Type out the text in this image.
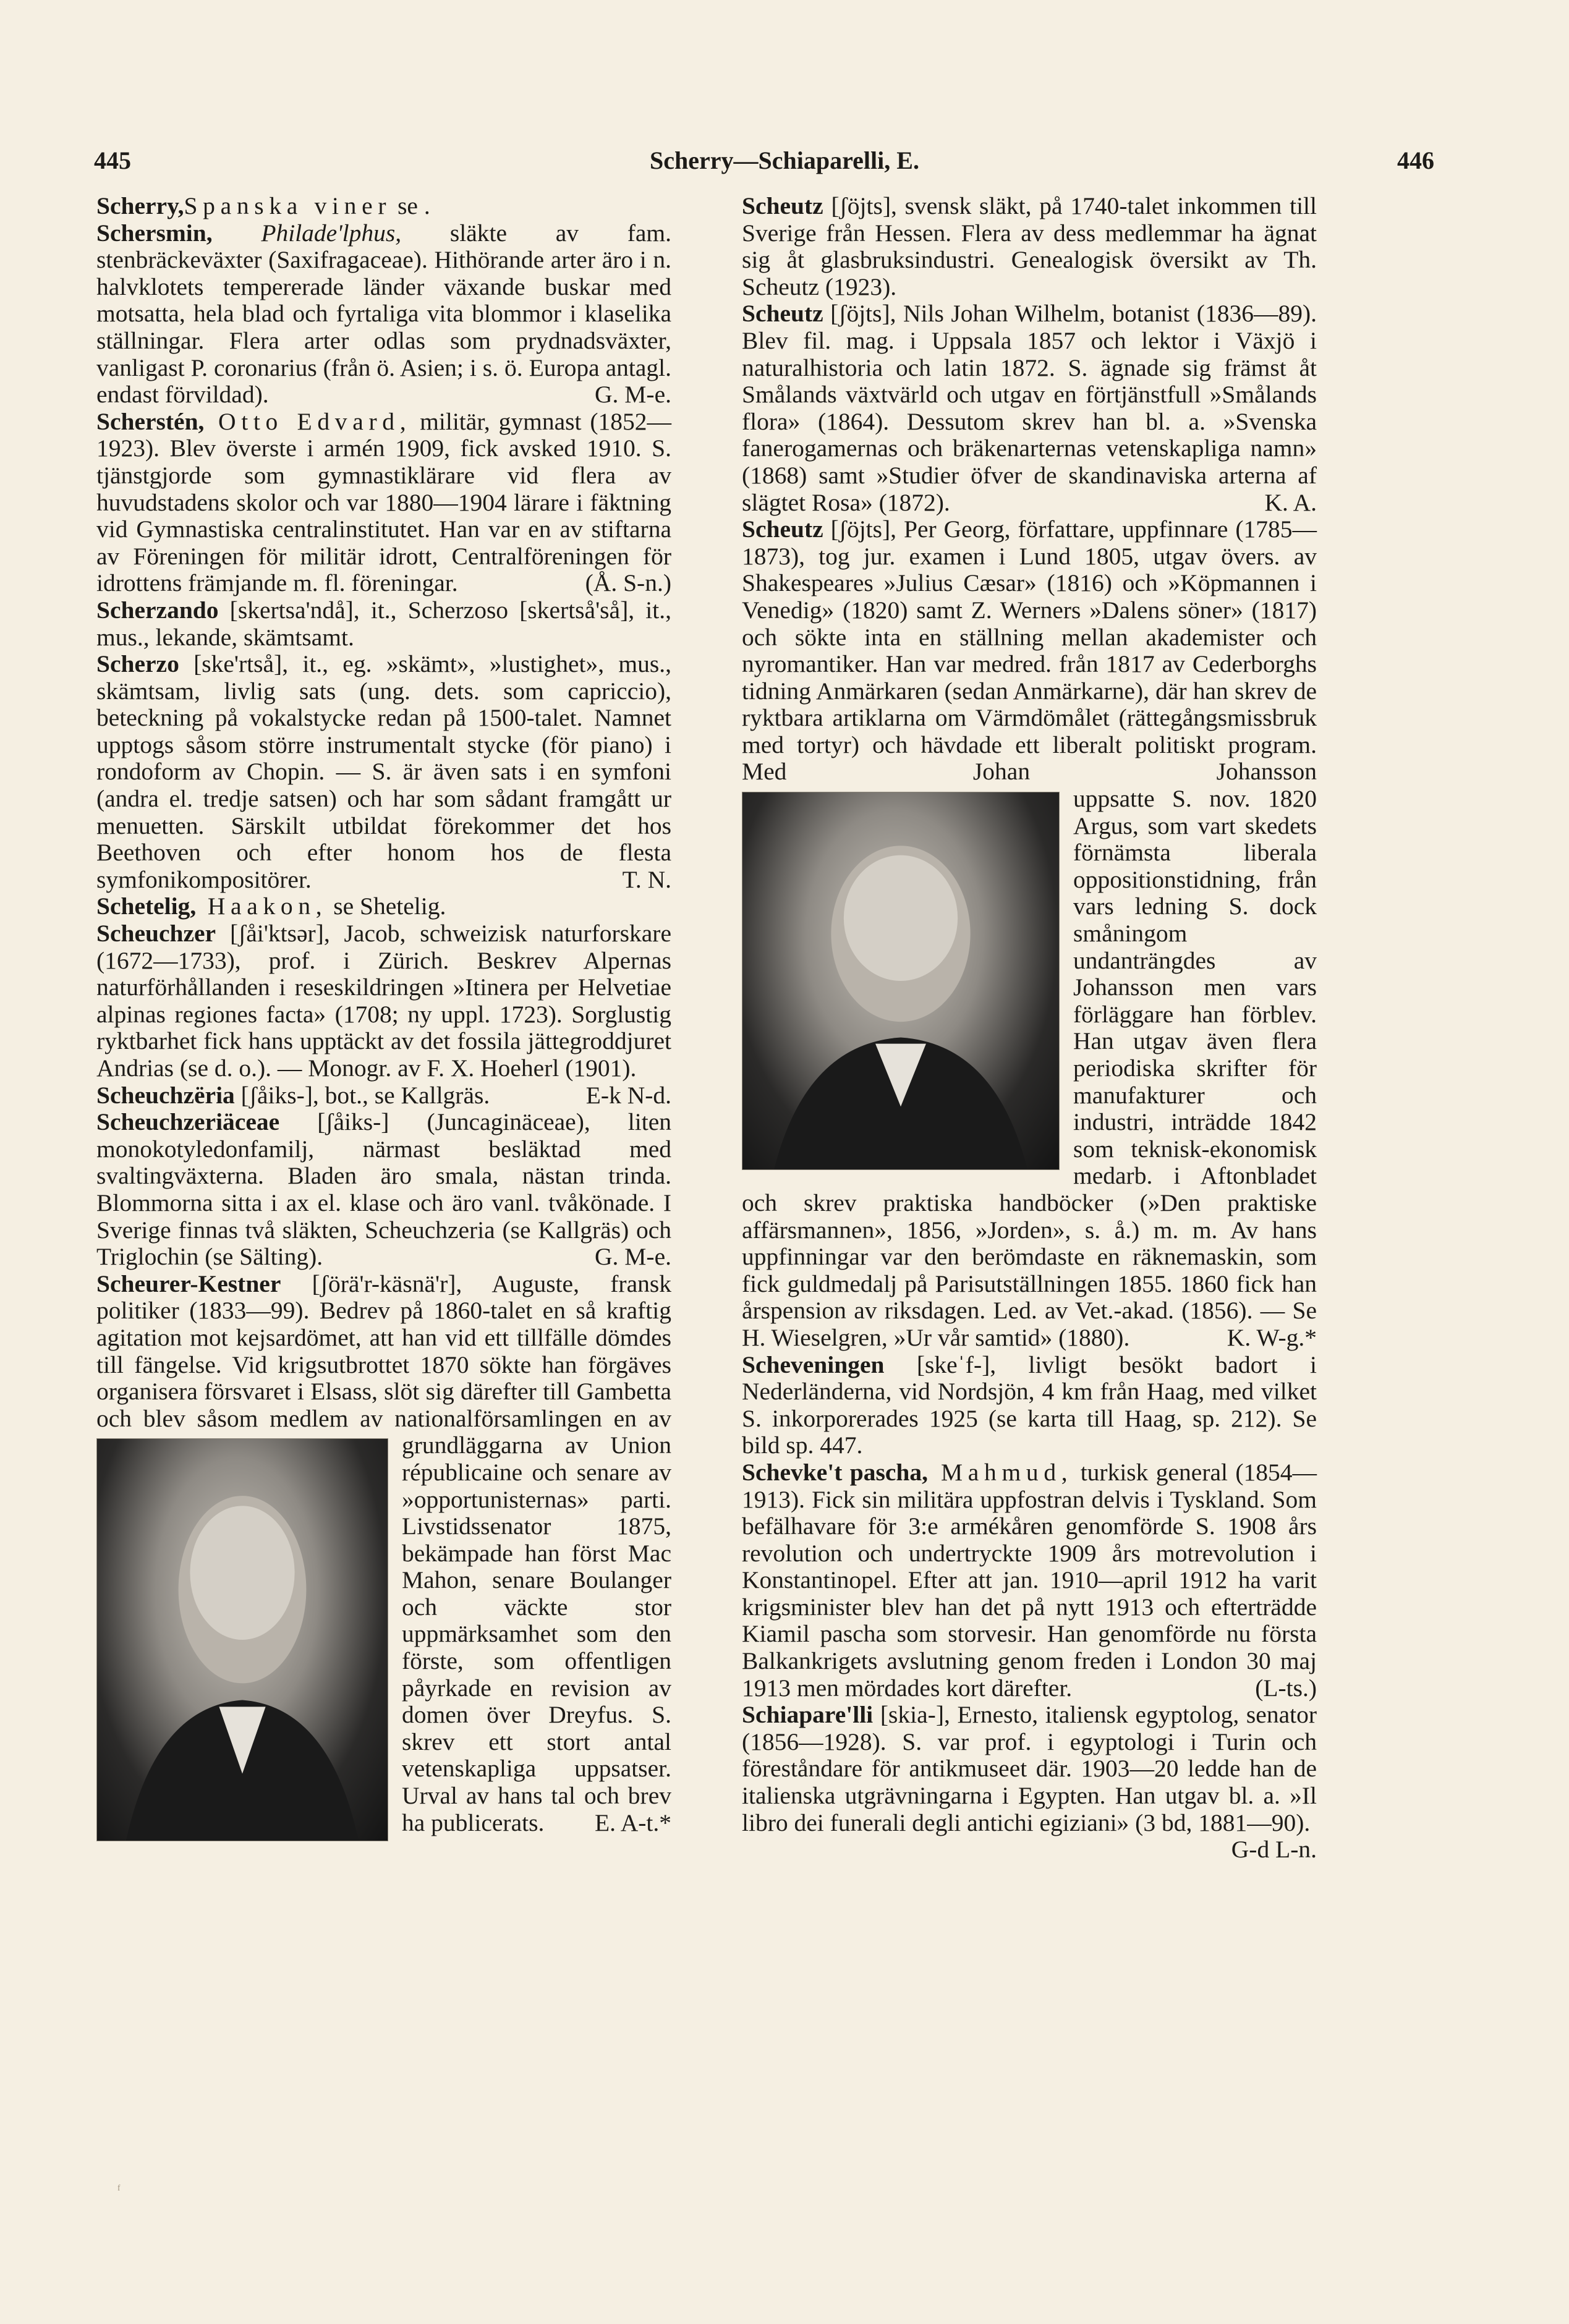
445	Scherry—Schiaparelli, E.	446

Scherry,Spanska viner se .

Schersmin, Philade'lphus, släkte av fam. stenbräckeväxter (Saxifragaceae). Hithörande arter äro i n. halvklotets tempererade länder växande buskar med motsatta, hela blad och fyrtaliga vita blommor i klaselika ställningar. Flera arter odlas som prydnadsväxter, vanligast P. coronarius (från ö. Asien; i s. ö. Europa antagl. endast förvildad).	G. M-e.

Scherstén, Otto Edvard, militär, gymnast (1852—1923). Blev överste i armén 1909, fick avsked 1910. S. tjänstgjorde som gymnastiklärare vid flera av huvudstadens skolor och var 1880—1904 lärare i fäktning vid Gymnastiska centralinstitutet. Han var en av stiftarna av Föreningen för militär idrott, Centralföreningen för idrottens främjande m. fl. föreningar.	(Å. S-n.)

Scherzando [skertsa'ndå], it., Scherzoso [skertså'så], it., mus., lekande, skämtsamt.

Scherzo [ske'rtså], it., eg. »skämt», »lustighet», mus., skämtsam, livlig sats (ung. dets. som capriccio), beteckning på vokalstycke redan på 1500-talet. Namnet upptogs såsom större instrumentalt stycke (för piano) i rondoform av Chopin. — S. är även sats i en symfoni (andra el. tredje satsen) och har som sådant framgått ur menuetten. Särskilt utbildat förekommer det hos Beethoven och efter honom hos de flesta symfonikompositörer.	T. N.

Schetelig, Haakon, se Shetelig.

Scheuchzer [ʃåi'ktsər], Jacob, schweizisk naturforskare (1672—1733), prof. i Zürich. Beskrev Alpernas naturförhållanden i reseskildringen »Itinera per Helvetiae alpinas regiones facta» (1708; ny uppl. 1723). Sorglustig ryktbarhet fick hans upptäckt av det fossila jättegroddjuret Andrias (se d. o.). — Monogr. av F. X. Hoeherl (1901).
E-k N-d.

Scheuchzëria [ʃåiks-], bot., se Kallgräs.

Scheuchzeriäceae [ʃåiks-] (Juncaginäceae), liten monokotyledonfamilj, närmast besläktad med svaltingväxterna. Bladen äro smala, nästan trinda. Blommorna sitta i ax el. klase och äro vanl. tvåkönade. I Sverige finnas två släkten, Scheuchzeria (se Kallgräs) och Triglochin (se Sälting).	G. M-e.

Scheurer-Kestner [ʃörä'r-käsnä'r], Auguste, fransk politiker (1833—99). Bedrev på 1860-talet en så kraftig agitation mot kejsardömet, att han vid ett tillfälle dömdes till fängelse. Vid krigsutbrottet 1870 sökte han förgäves organisera försvaret i Elsass, slöt sig därefter till Gambetta och blev såsom medlem av nat
ionalförsamlingen en av grundläggarna av Union républicaine och senare av »opportunisternas» parti. Livstidssenator 1875, bekämpade han först Mac Mahon, senare Boulanger och väckte stor uppmärksamhet som den förste, som offentligen påyrkade en revision av domen över Dreyfus. S. skrev ett stort antal vetenskapliga uppsatser. Urval av hans tal och brev ha publicerats. E. A-t.*

Scheutz [ʃöjts], svensk släkt, på 1740-talet inkommen till Sverige från Hessen. Flera av dess medlemmar ha ägnat sig åt glasbruksindustri. Genealogisk översikt av Th. Scheutz (1923).

Scheutz [ʃöjts], Nils Johan Wilhelm, botanist (1836—89). Blev fil. mag. i Uppsala 1857 och lektor i Växjö i naturalhistoria och latin 1872. S. ägnade sig främst åt Smålands växtvärld och utgav en förtjänstfull »Smålands flora» (1864). Dessutom skrev han bl. a. »Svenska fanerogamernas och bräkenarternas vetenskapliga namn» (1868) samt »Studier öfver de skandinaviska arterna af slägtet Rosa» (1872).	K. A.

Scheutz [ʃöjts], Per Georg, författare, uppfinnare (1785—1873), tog jur. examen i Lund 1805, utgav övers. av Shakespeares »Julius Cæsar» (1816) och »Köpmannen i Venedig» (1820) samt Z. Werners »Dalens söner» (1817) och sökte inta en ställning mellan akademister och nyromantiker. Han var medred. från 1817 av Cederborghs tidning Anmärkaren (sedan Anmärkarne), där han skrev de ryktbara artiklarna om Värmdömålet (rättegångsmissbruk med tortyr) och hävdade ett liberalt politiskt program. Med Johan Johansson u
ppsatte S. nov. 1820 Argus, som vart skedets förnämsta liberala oppositionstidning, från vars ledning S. dock småningom undanträngdes av Johansson men vars förläggare han förblev. Han utgav även flera periodiska skrifter för manufakturer och industri, inträdde 1842 som teknisk-ekonomisk medarb. i Aftonbladet och skrev praktiska handböcker (»Den praktiske affärsmannen», 1856, »Jorden», s. å.) m. m. Av hans uppfinningar var den berömdaste en räknemaskin, som fick guldmedalj på Parisutställningen 1855. 1860 fick han årspension av riksdagen. Led. av Vet.-akad. (1856). — Se H. Wieselgren, »Ur vår samtid» (1880).	K. W-g.*

Scheveningen [skeˈf-], livligt besökt badort i Nederländerna, vid Nordsjön, 4 km från Haag, med vilket S. inkorporerades 1925 (se karta till Haag, sp. 212). Se bild sp. 447.

Schevke't pascha, Mahmud, turkisk general (1854—1913). Fick sin militära uppfostran delvis i Tyskland. Som befälhavare för 3:e armékåren genomförde S. 1908 års revolution och undertryckte 1909 års motrevolution i Konstantinopel. Efter att jan. 1910—april 1912 ha varit krigsminister blev han det på nytt 1913 och efterträdde Kiamil pascha som storvesir. Han genomförde nu första Balkankrigets avslutning genom freden i London 30 maj 1913 men mördades kort därefter.	(L-ts.)

Schiapare'lli [skia-], Ernesto, italiensk egyptolog, senator (1856—1928). S. var prof. i egyptologi i Turin och föreståndare för antikmuseet där. 1903—20 ledde han de italienska utgrävningarna i Egypten. Han utgav bl. a. »Il libro dei funerali degli antichi egiziani» (3 bd, 1881—90).
G-d L-n.

ᶠ
